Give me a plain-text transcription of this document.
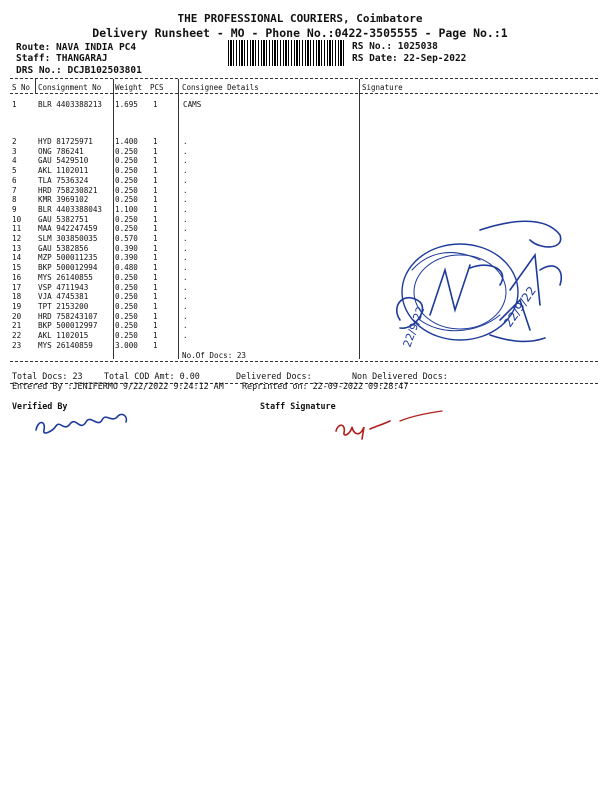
THE PROFESSIONAL COURIERS, Coimbatore
Delivery Runsheet - MO - Phone No.:0422-3505555 - Page No.:1
Route: NAVA INDIA PC4
Staff: THANGARAJ
DRS No.: DCJB102503801
RS No.: 1025038
RS Date: 22-Sep-2022
S No Consignment No Weight PCS Consignee Details	Signature
1	BLR 4403388213 1.695 1	CAMS
2	HYD 81725971	1.400 1	.
3	ONG 786241	0.250 1	.
4	GAU 5429510	0.250 1	.
5	AKL 1102011	0.250 1	.
6	TLA 7536324	0.250 1	.
7	HRD 758230821 0.250 1	.
8	KMR 3969102	0.250 1	.
9	BLR 4403388043 1.100 1	.
10 GAU 5382751	0.250 1	.
11 MAA 942247459 0.250 1	.
12 SLM 303850035 0.570 1	.
13 GAU 5382856	0.390 1	.
14 MZP 500011235 0.390 1	.
15 BKP 500012994 0.480 1	.
16 MYS 26140855	0.250 1	.
17 VSP 4711943	0.250 1	.
18 VJA 4745381	0.250 1	.
19 TPT 2153200	0.250 1	.
20 HRD 758243107 0.250 1	.
21 BKP 500012997 0.250 1	.
22 AKL 1102015	0.250 1	.
23 MYS 26140859	3.000 1
No.Of Docs: 23
Total Docs: 23	Total COD Amt: 0.00	Delivered Docs:	Non Delivered Docs:
Entered By :JENIFERMO 9/22/2022 9:24:12 AM Reprinted on: 22-09-2022 09:28:47
Verified By	Staff Signature
22/9/22
22/9/22
Lakshmi
